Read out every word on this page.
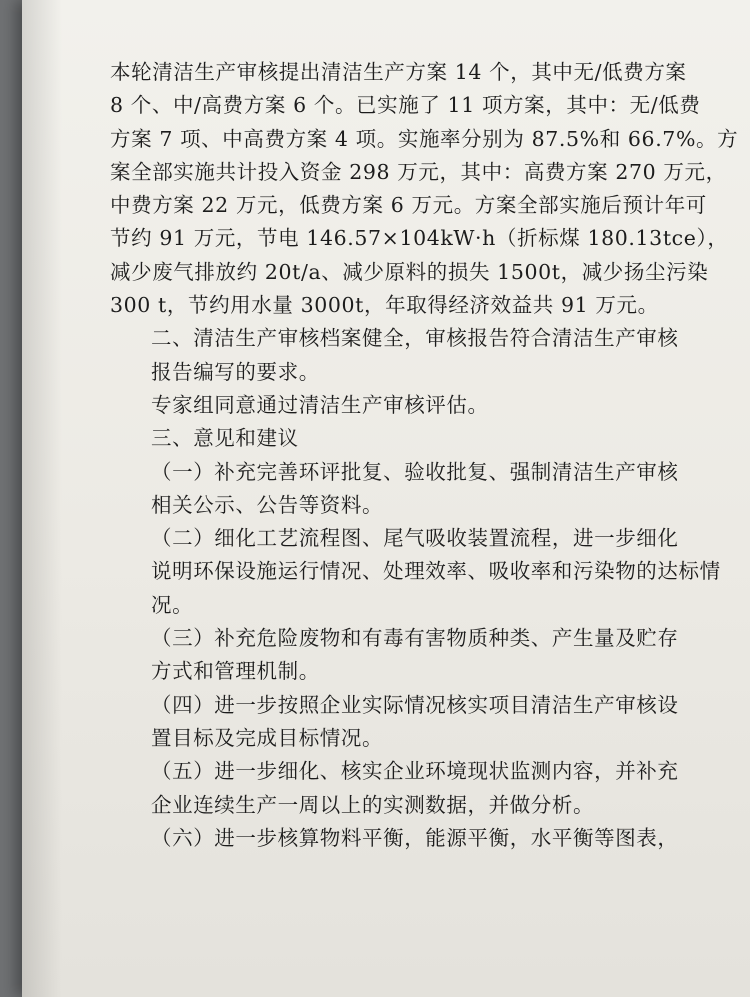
本轮清洁生产审核提出清洁生产方案 14 个，其中无/低费方案
8 个、中/高费方案 6 个。已实施了 11 项方案，其中：无/低费
方案 7 项、中高费方案 4 项。实施率分别为 87.5%和 66.7%。方
案全部实施共计投入资金 298 万元，其中：高费方案 270 万元，
中费方案 22 万元，低费方案 6 万元。方案全部实施后预计年可
节约 91 万元，节电 146.57×104kW·h（折标煤 180.13tce），
减少废气排放约 20t/a、减少原料的损失 1500t，减少扬尘污染
300 t，节约用水量 3000t，年取得经济效益共 91 万元。

二、清洁生产审核档案健全，审核报告符合清洁生产审核
报告编写的要求。

专家组同意通过清洁生产审核评估。

三、意见和建议

（一）补充完善环评批复、验收批复、强制清洁生产审核
相关公示、公告等资料。

（二）细化工艺流程图、尾气吸收装置流程，进一步细化
说明环保设施运行情况、处理效率、吸收率和污染物的达标情
况。

（三）补充危险废物和有毒有害物质种类、产生量及贮存
方式和管理机制。

（四）进一步按照企业实际情况核实项目清洁生产审核设
置目标及完成目标情况。

（五）进一步细化、核实企业环境现状监测内容，并补充
企业连续生产一周以上的实测数据，并做分析。

（六）进一步核算物料平衡，能源平衡，水平衡等图表，
